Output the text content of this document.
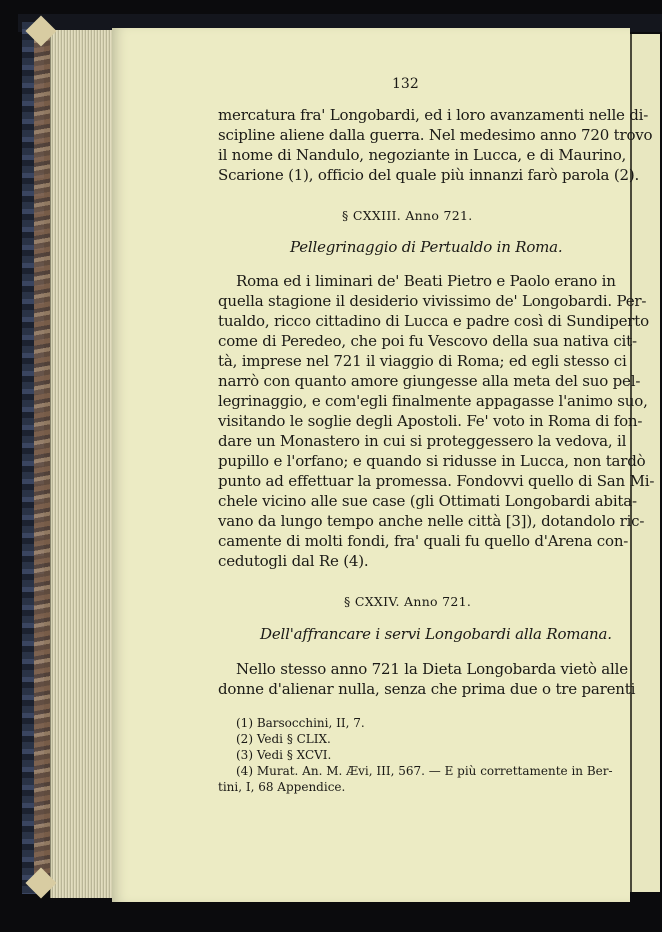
132
mercatura fra' Longobardi, ed i loro avanzamenti nelle di-
scipline aliene dalla guerra. Nel medesimo anno 720 trovo
il nome di Nandulo, negoziante in Lucca, e di Maurino,
Scarione (1), officio del quale più innanzi farò parola (2).
§ CXXIII. Anno 721.
Pellegrinaggio di Pertualdo in Roma.
Roma ed i liminari de' Beati Pietro e Paolo erano in
quella stagione il desiderio vivissimo de' Longobardi. Per-
tualdo, ricco cittadino di Lucca e padre così di Sundiperto
come di Peredeo, che poi fu Vescovo della sua nativa cit-
tà, imprese nel 721 il viaggio di Roma; ed egli stesso ci
narrò con quanto amore giungesse alla meta del suo pel-
legrinaggio, e com'egli finalmente appagasse l'animo suo,
visitando le soglie degli Apostoli. Fe' voto in Roma di fon-
dare un Monastero in cui si proteggessero la vedova, il
pupillo e l'orfano; e quando si ridusse in Lucca, non tardò
punto ad effettuar la promessa. Fondovvi quello di San Mi-
chele vicino alle sue case (gli Ottimati Longobardi abita-
vano da lungo tempo anche nelle città [3]), dotandolo ric-
camente di molti fondi, fra' quali fu quello d'Arena con-
cedutogli dal Re (4).
§ CXXIV. Anno 721.
Dell'affrancare i servi Longobardi alla Romana.
Nello stesso anno 721 la Dieta Longobarda vietò alle
donne d'alienar nulla, senza che prima due o tre parenti
(1) Barsocchini, II, 7.
(2) Vedi § CLIX.
(3) Vedi § XCVI.
(4) Murat. An. M. Ævi, III, 567. — E più correttamente in Ber-
tini, I, 68 Appendice.
